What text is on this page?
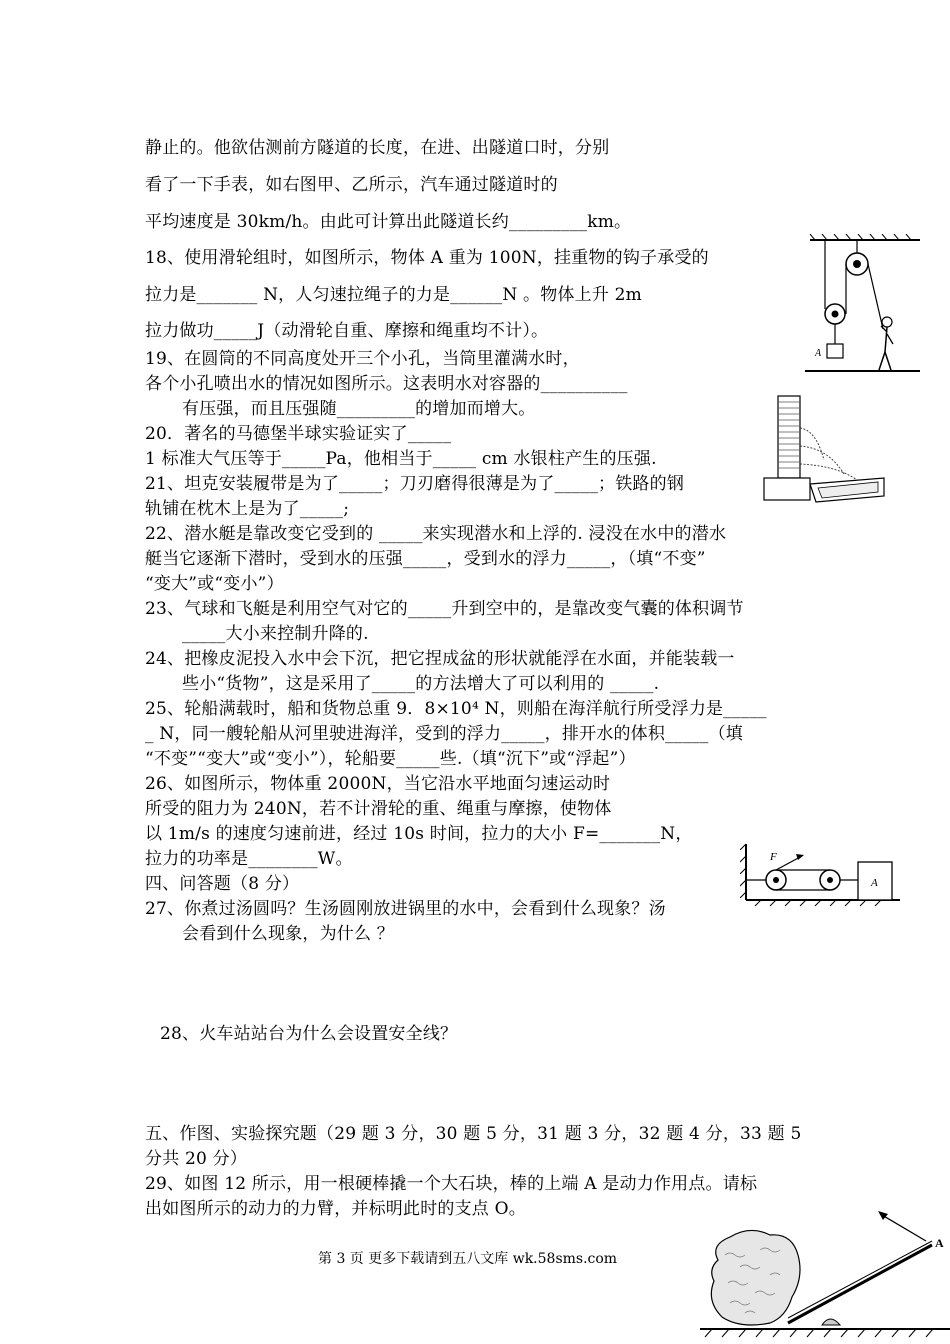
静止的。他欲估测前方隧道的长度，在进、出隧道口时，分别
看了一下手表，如右图甲、乙所示，汽车通过隧道时的
平均速度是 30km/h。由此可计算出此隧道长约_________km。
18、使用滑轮组时，如图所示，物体 A 重为 100N，挂重物的钩子承受的
拉力是_______ N，人匀速拉绳子的力是______N 。物体上升 2m
拉力做功_____J（动滑轮自重、摩擦和绳重均不计）。
19、在圆筒的不同高度处开三个小孔，当筒里灌满水时，
各个小孔喷出水的情况如图所示。这表明水对容器的__________
有压强，而且压强随_________的增加而增大。
20．著名的马德堡半球实验证实了_____
1 标准大气压等于_____Pa，他相当于_____ cm 水银柱产生的压强.
21、坦克安装履带是为了_____；刀刃磨得很薄是为了_____；铁路的钢
轨铺在枕木上是为了_____;
22、潜水艇是靠改变它受到的 _____来实现潜水和上浮的. 浸没在水中的潜水
艇当它逐渐下潜时，受到水的压强_____，受到水的浮力_____，（填“不变”
“变大”或“变小”）
23、气球和飞艇是利用空气对它的_____升到空中的，是靠改变气囊的体积调节
_____大小来控制升降的.
24、把橡皮泥投入水中会下沉，把它捏成盆的形状就能浮在水面，并能装载一
些小“货物”，这是采用了_____的方法增大了可以利用的 _____.
25、轮船满载时，船和货物总重 9．8×10⁴ N，则船在海洋航行所受浮力是_____
_ N，同一艘轮船从河里驶进海洋，受到的浮力_____，排开水的体积_____（填
“不变”“变大”或“变小”），轮船要_____些.（填“沉下”或“浮起”）
26、如图所示，物体重 2000N，当它沿水平地面匀速运动时
所受的阻力为 240N，若不计滑轮的重、绳重与摩擦，使物体
以 1m/s 的速度匀速前进，经过 10s 时间，拉力的大小 F=_______N，
拉力的功率是________W。
四、问答题（8 分）
27、你煮过汤圆吗？生汤圆刚放进锅里的水中，会看到什么现象？汤
会看到什么现象，为什么 ？
28、火车站站台为什么会设置安全线？
五、作图、实验探究题（29 题 3 分，30 题 5 分，31 题 3 分，32 题 4 分，33 题 5
分共 20 分）
29、如图 12 所示，用一根硬棒撬一个大石块，棒的上端 A 是动力作用点。请标
出如图所示的动力的力臂，并标明此时的支点 O。
第 3 页 更多下载请到五八文库 wk.58sms.com
A
F
A
A
